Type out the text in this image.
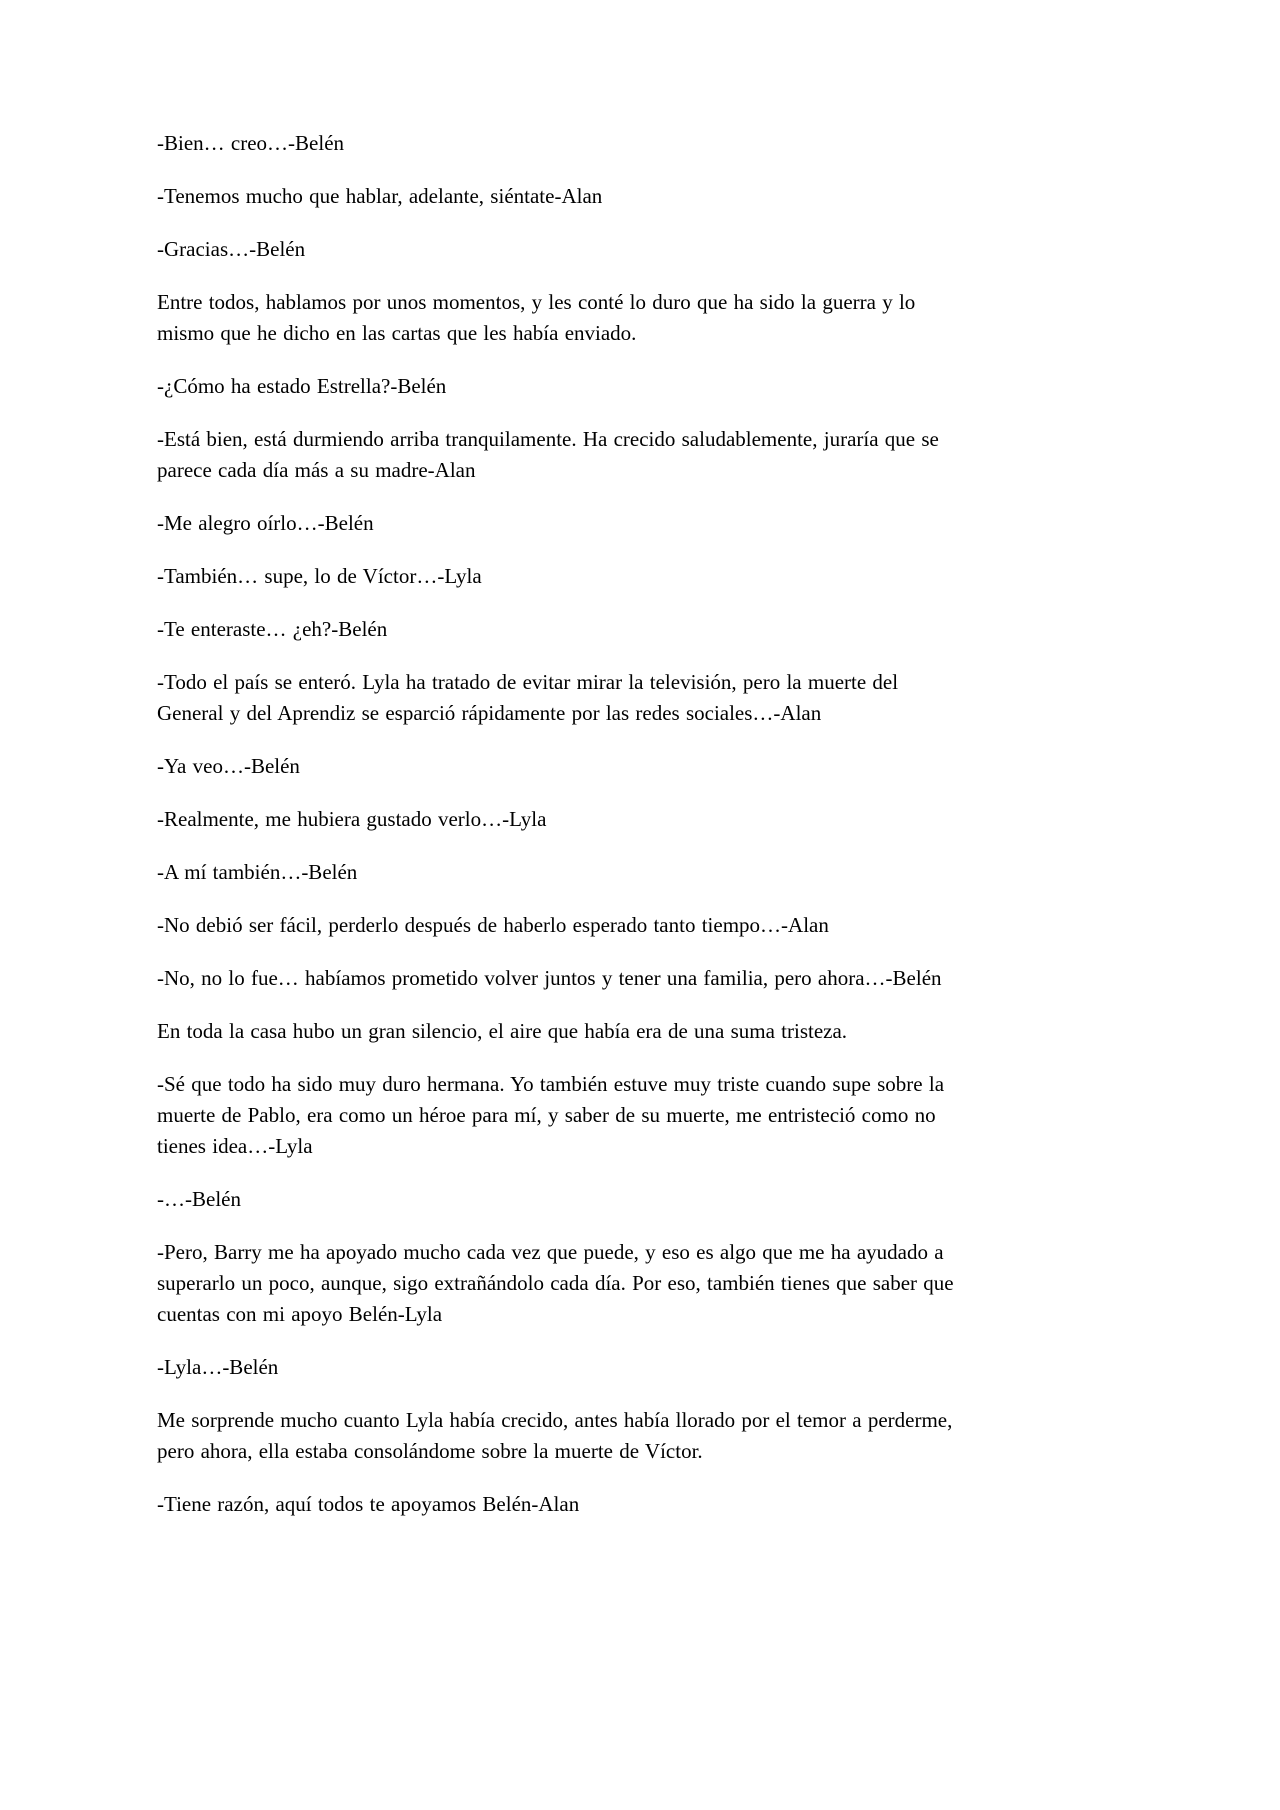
-Bien… creo…-Belén

-Tenemos mucho que hablar, adelante, siéntate-Alan

-Gracias…-Belén

Entre todos, hablamos por unos momentos, y les conté lo duro que ha sido la guerra y lo mismo que he dicho en las cartas que les había enviado.

-¿Cómo ha estado Estrella?-Belén

-Está bien, está durmiendo arriba tranquilamente. Ha crecido saludablemente, juraría que se parece cada día más a su madre-Alan

-Me alegro oírlo…-Belén

-También… supe, lo de Víctor…-Lyla

-Te enteraste… ¿eh?-Belén

-Todo el país se enteró. Lyla ha tratado de evitar mirar la televisión, pero la muerte del General y del Aprendiz se esparció rápidamente por las redes sociales…-Alan

-Ya veo…-Belén

-Realmente, me hubiera gustado verlo…-Lyla

-A mí también…-Belén

-No debió ser fácil, perderlo después de haberlo esperado tanto tiempo…-Alan

-No, no lo fue… habíamos prometido volver juntos y tener una familia, pero ahora…-Belén

En toda la casa hubo un gran silencio, el aire que había era de una suma tristeza.

-Sé que todo ha sido muy duro hermana. Yo también estuve muy triste cuando supe sobre la muerte de Pablo, era como un héroe para mí, y saber de su muerte, me entristeció como no tienes idea…-Lyla

-…-Belén

-Pero, Barry me ha apoyado mucho cada vez que puede, y eso es algo que me ha ayudado a superarlo un poco, aunque, sigo extrañándolo cada día. Por eso, también tienes que saber que cuentas con mi apoyo Belén-Lyla

-Lyla…-Belén

Me sorprende mucho cuanto Lyla había crecido, antes había llorado por el temor a perderme, pero ahora, ella estaba consolándome sobre la muerte de Víctor.

-Tiene razón, aquí todos te apoyamos Belén-Alan
